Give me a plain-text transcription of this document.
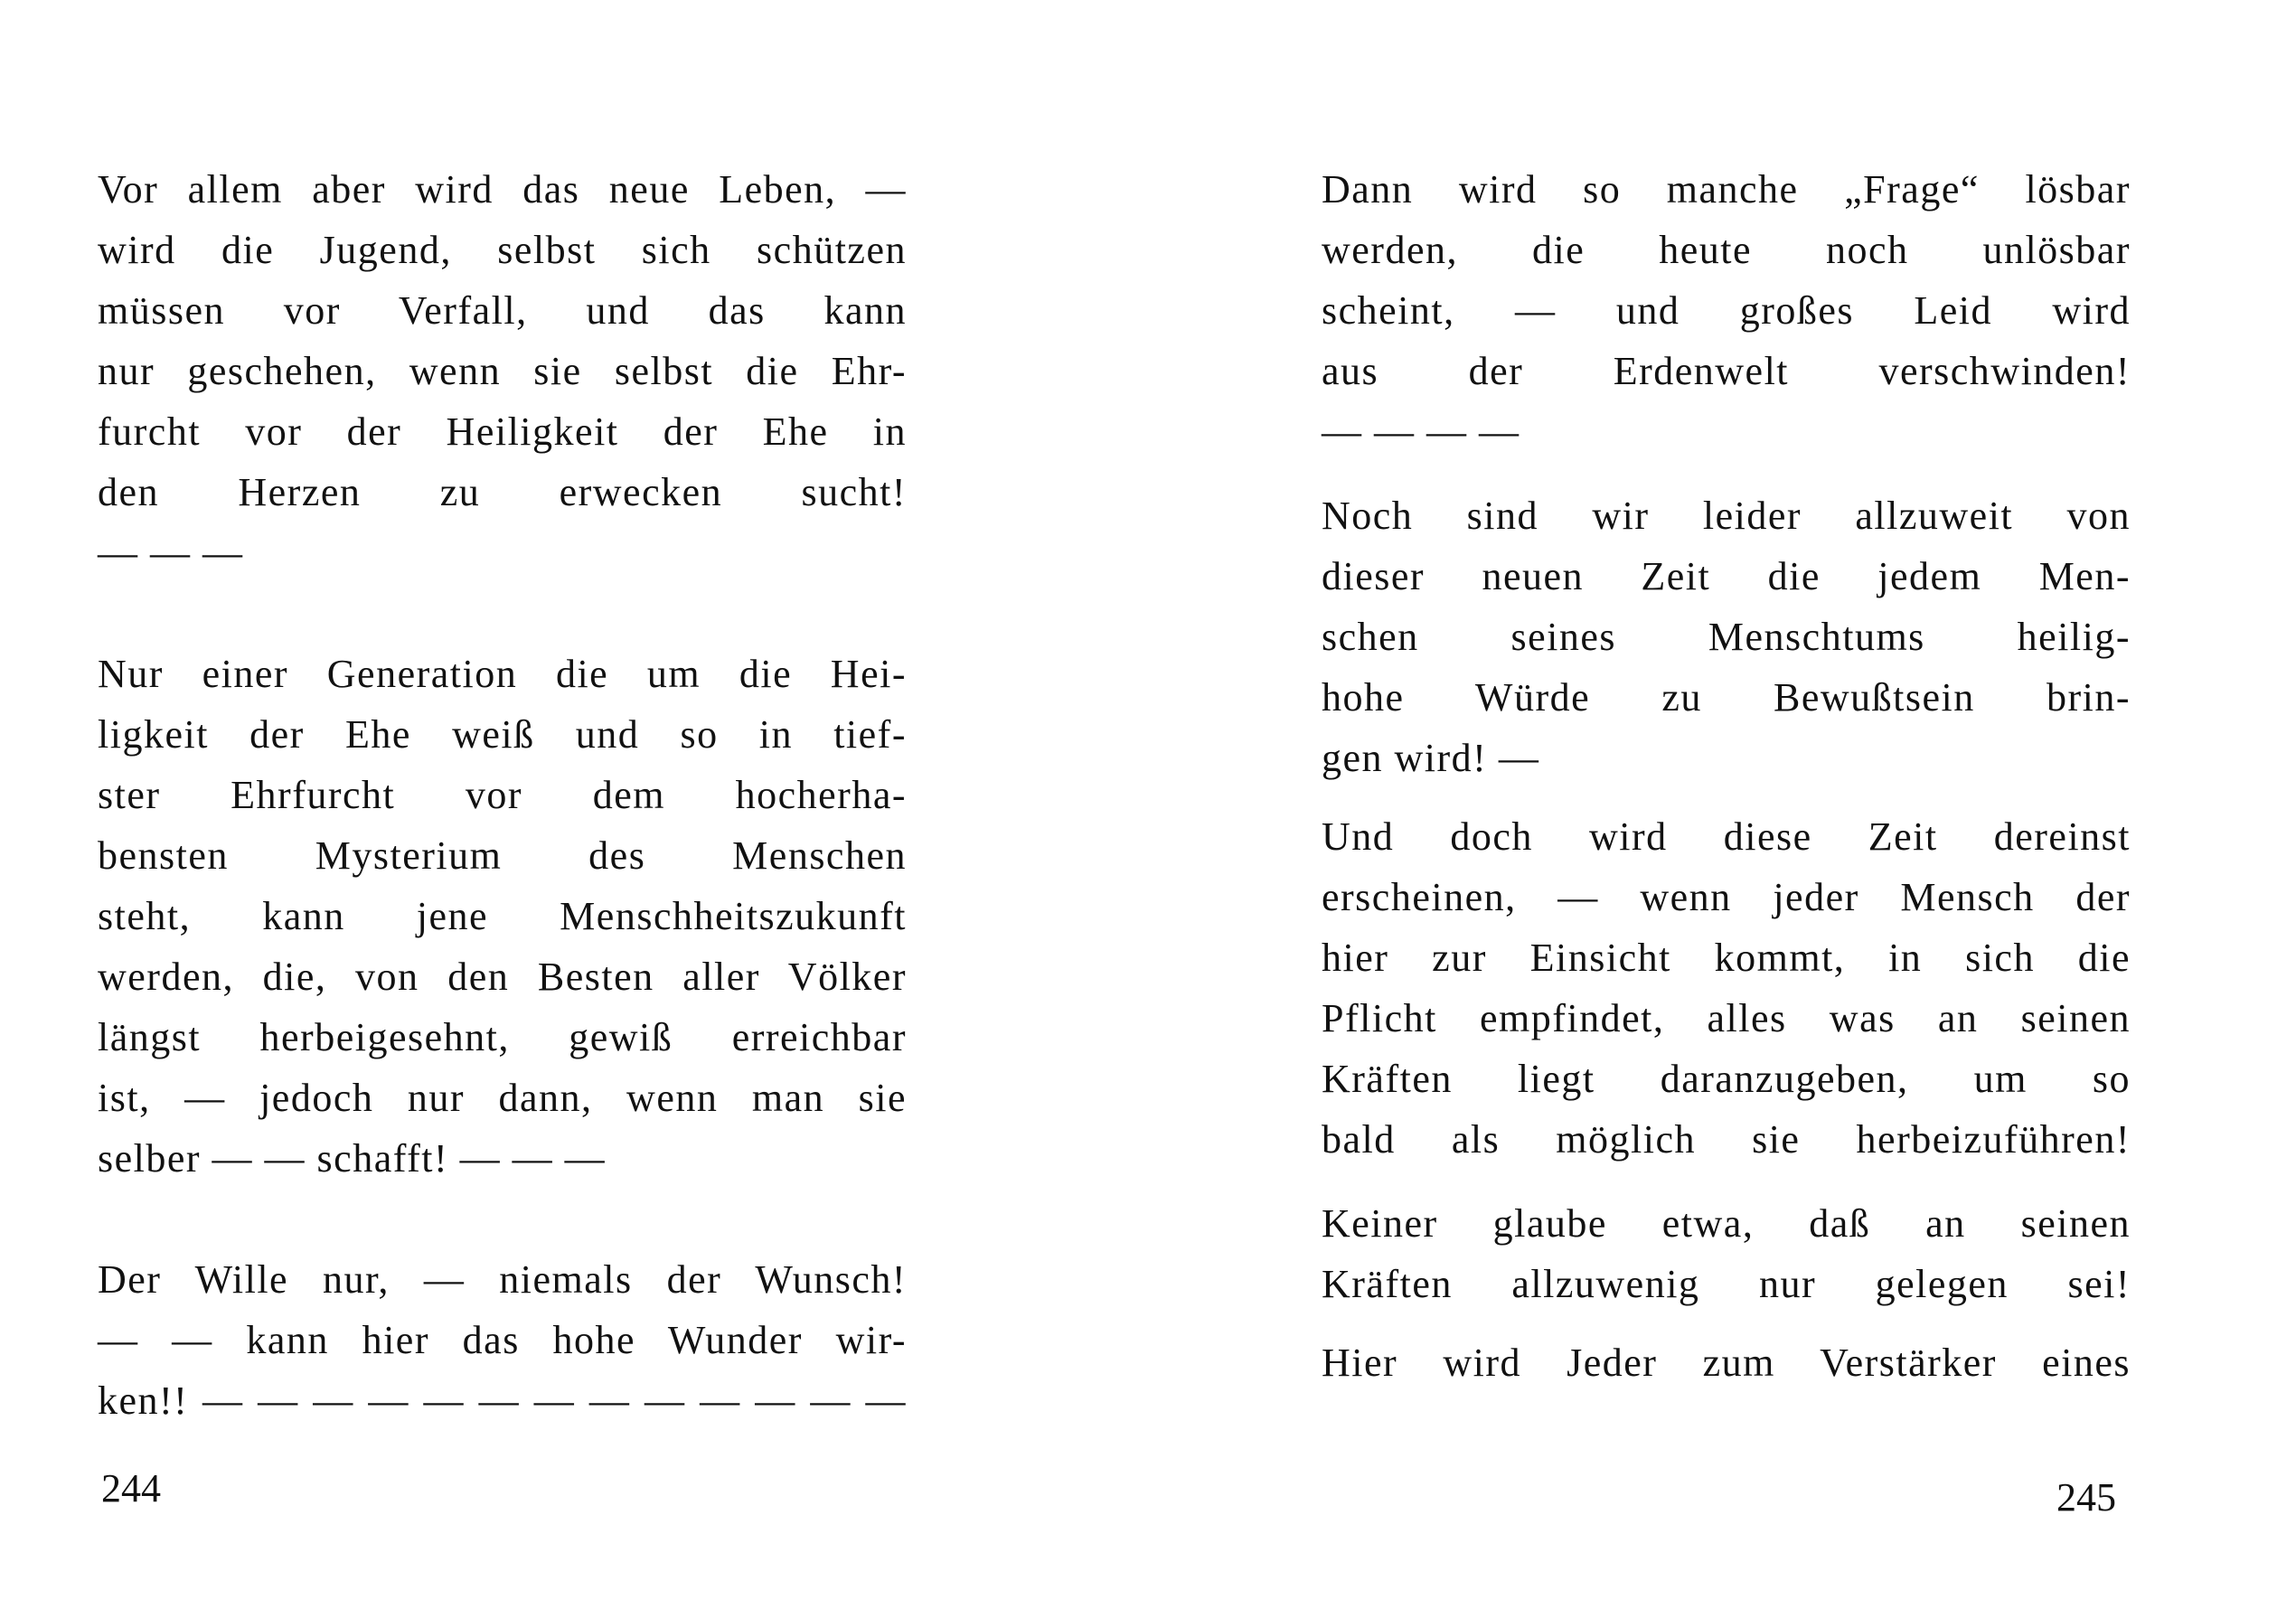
Vor allem aber wird das neue Leben, —
wird die Jugend, selbst sich schützen
müssen vor Verfall, und das kann
nur geschehen, wenn sie selbst die Ehr-
furcht vor der Heiligkeit der Ehe in
den Herzen zu erwecken sucht!
— — —
Nur einer Generation die um die Hei-
ligkeit der Ehe weiß und so in tief-
ster Ehrfurcht vor dem hocherha-
bensten Mysterium des Menschen
steht, kann jene Menschheitszukunft
werden, die, von den Besten aller Völker
längst herbeigesehnt, gewiß erreichbar
ist, — jedoch nur dann, wenn man sie
selber — — schafft! — — —
Der Wille nur, — niemals der Wunsch!
— — kann hier das hohe Wunder wir-
ken!! — — — — — — — — — — — — —
244
Dann wird so manche „Frage“ lösbar
werden, die heute noch unlösbar
scheint, — und großes Leid wird
aus der Erdenwelt verschwinden!
— — — —
Noch sind wir leider allzuweit von
dieser neuen Zeit die jedem Men-
schen seines Menschtums heilig-
hohe Würde zu Bewußtsein brin-
gen wird! —
Und doch wird diese Zeit dereinst
erscheinen, — wenn jeder Mensch der
hier zur Einsicht kommt, in sich die
Pflicht empfindet, alles was an seinen
Kräften liegt daranzugeben, um so
bald als möglich sie herbeizuführen!
Keiner glaube etwa, daß an seinen
Kräften allzuwenig nur gelegen sei!
Hier wird Jeder zum Verstärker eines
245
